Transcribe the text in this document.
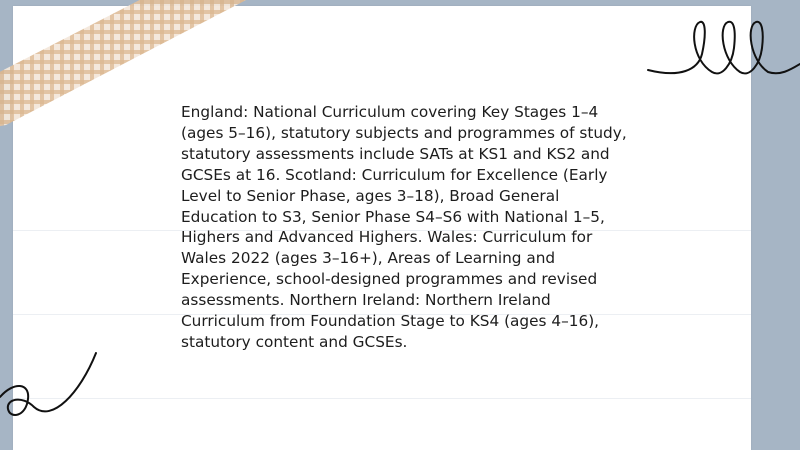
England: National Curriculum covering Key Stages 1–4 (ages 5–16), statutory subjects and programmes of study, statutory assessments include SATs at KS1 and KS2 and GCSEs at 16. Scotland: Curriculum for Excellence (Early Level to Senior Phase, ages 3–18), Broad General Education to S3, Senior Phase S4–S6 with National 1–5, Highers and Advanced Highers. Wales: Curriculum for Wales 2022 (ages 3–16+), Areas of Learning and Experience, school-designed programmes and revised assessments. Northern Ireland: Northern Ireland Curriculum from Foundation Stage to KS4 (ages 4–16), statutory content and GCSEs.
